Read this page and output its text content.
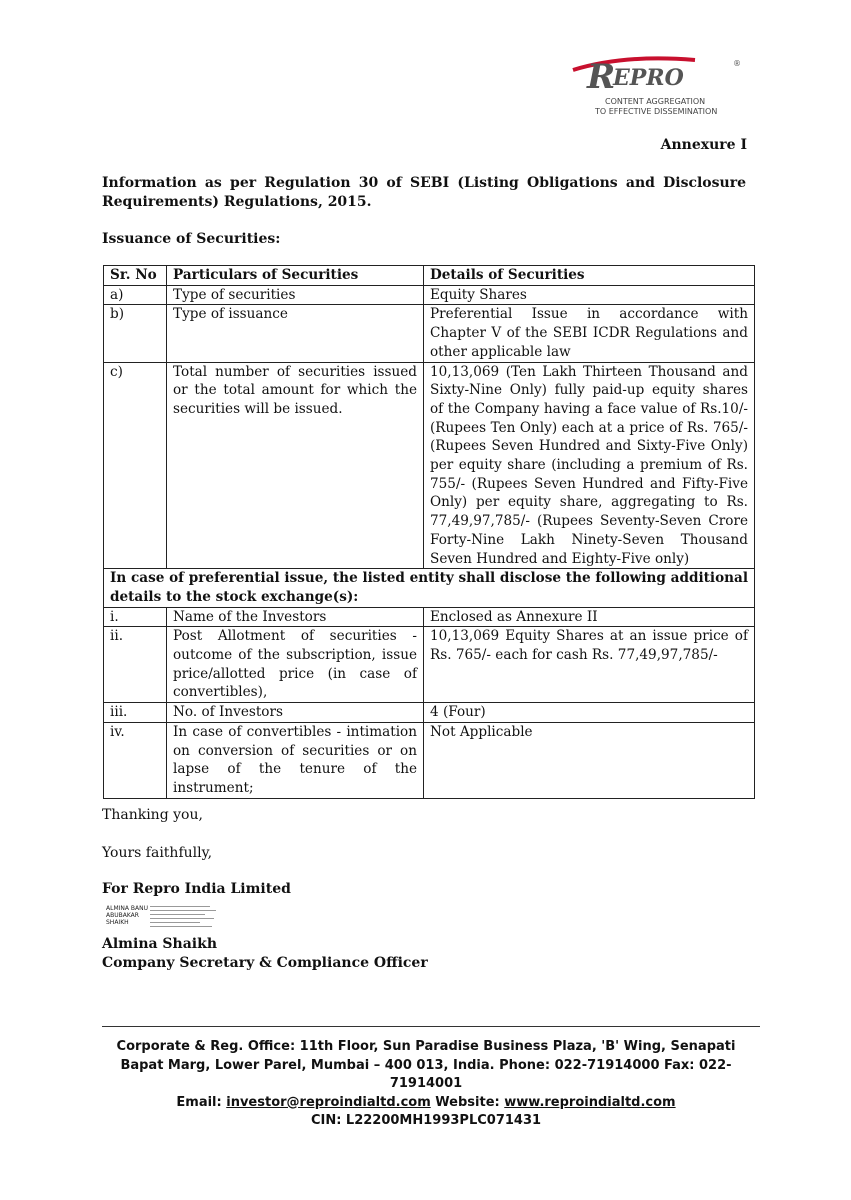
R
EPRO
®
CONTENT AGGREGATION
TO EFFECTIVE DISSEMINATION
Annexure I
Information as per Regulation 30 of SEBI (Listing Obligations and Disclosure Requirements) Regulations, 2015.
Issuance of Securities:
Sr. No	Particulars of Securities	Details of Securities
a)	Type of securities	Equity Shares
b)	Type of issuance	Preferential Issue in accordance with Chapter V of the SEBI ICDR Regulations and other applicable law
c)	Total number of securities issued or the total amount for which the securities will be issued.	10,13,069 (Ten Lakh Thirteen Thousand and Sixty-Nine Only) fully paid-up equity shares of the Company having a face value of Rs.10/- (Rupees Ten Only) each at a price of Rs. 765/- (Rupees Seven Hundred and Sixty-Five Only) per equity share (including a premium of Rs. 755/- (Rupees Seven Hundred and Fifty-Five Only) per equity share, aggregating to Rs. 77,49,97,785/- (Rupees Seventy-Seven Crore Forty-Nine Lakh Ninety-Seven Thousand Seven Hundred and Eighty-Five only)
In case of preferential issue, the listed entity shall disclose the following additional details to the stock exchange(s):		
i.	Name of the Investors	Enclosed as Annexure II
ii.	Post Allotment of securities - outcome of the subscription, issue price/allotted price (in case of convertibles),	10,13,069 Equity Shares at an issue price of Rs. 765/- each for cash Rs. 77,49,97,785/-
iii.	No. of Investors	4 (Four)
iv.	In case of convertibles - intimation on conversion of securities or on lapse of the tenure of the instrument;	Not Applicable
Thanking you,
Yours faithfully,
For Repro India Limited
ALMINA BANU ABUBAKAR SHAIKH
Almina Shaikh
Company Secretary & Compliance Officer
Corporate & Reg. Office: 11th Floor, Sun Paradise Business Plaza, 'B' Wing, Senapati Bapat Marg, Lower Parel, Mumbai – 400 013, India. Phone: 022-71914000 Fax: 022-71914001
Email: investor@reproindialtd.com Website: www.reproindialtd.com
CIN: L22200MH1993PLC071431
